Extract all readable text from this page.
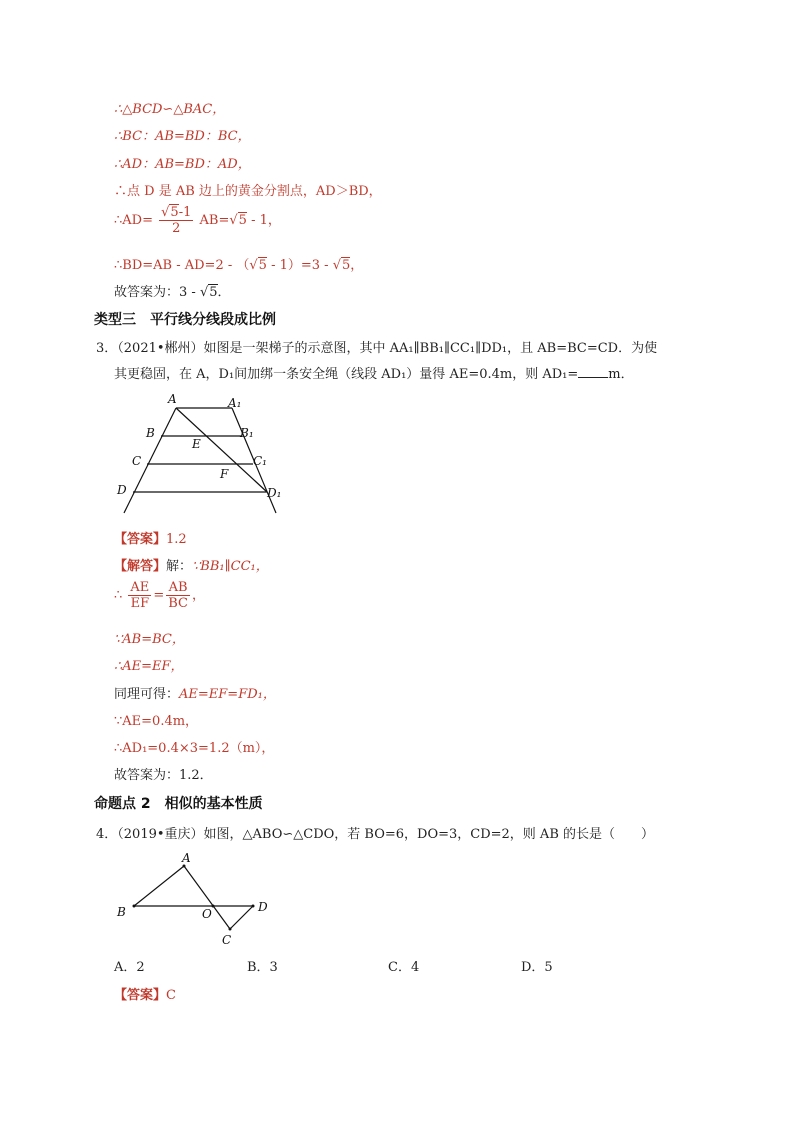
∴△BCD∽△BAC，
∴BC：AB=BD：BC，
∴AD：AB=BD：AD，
∴点 D 是 AB 边上的黄金分割点，AD＞BD，
∴AD= $\frac{√5-1}{2} AB=√5 - 1$，
∴BD=AB - AD=2 - （√5 - 1）=3 - √5，
故答案为：3 - √5．
类型三　平行线分线段成比例
3．（2021•郴州）如图是一架梯子的示意图，其中 AA₁∥BB₁∥CC₁∥DD₁，且 AB=BC=CD．为使
其更稳固，在 A，D₁间加绑一条安全绳（线段 AD₁）量得 AE=0.4m，则 AD₁= m．
A	A₁
B	B₁
E
C	C₁
F
D	D₁
【答案】1.2
【解答】解：∵BB₁∥CC₁，
∴ $\frac{AE}{EF} = \frac{AB}{BC}$ ，
∵AB=BC，
∴AE=EF，
同理可得：AE=EF=FD₁，
∵AE=0.4m，
∴AD₁=0.4×3=1.2（m），
故答案为：1.2．
命题点 2　相似的基本性质
4．（2019•重庆）如图，△ABO∽△CDO，若 BO=6，DO=3，CD=2，则 AB 的长是（　　）
A
B	O	D
C
A．2	B．3	C．4	D．5
【答案】C
